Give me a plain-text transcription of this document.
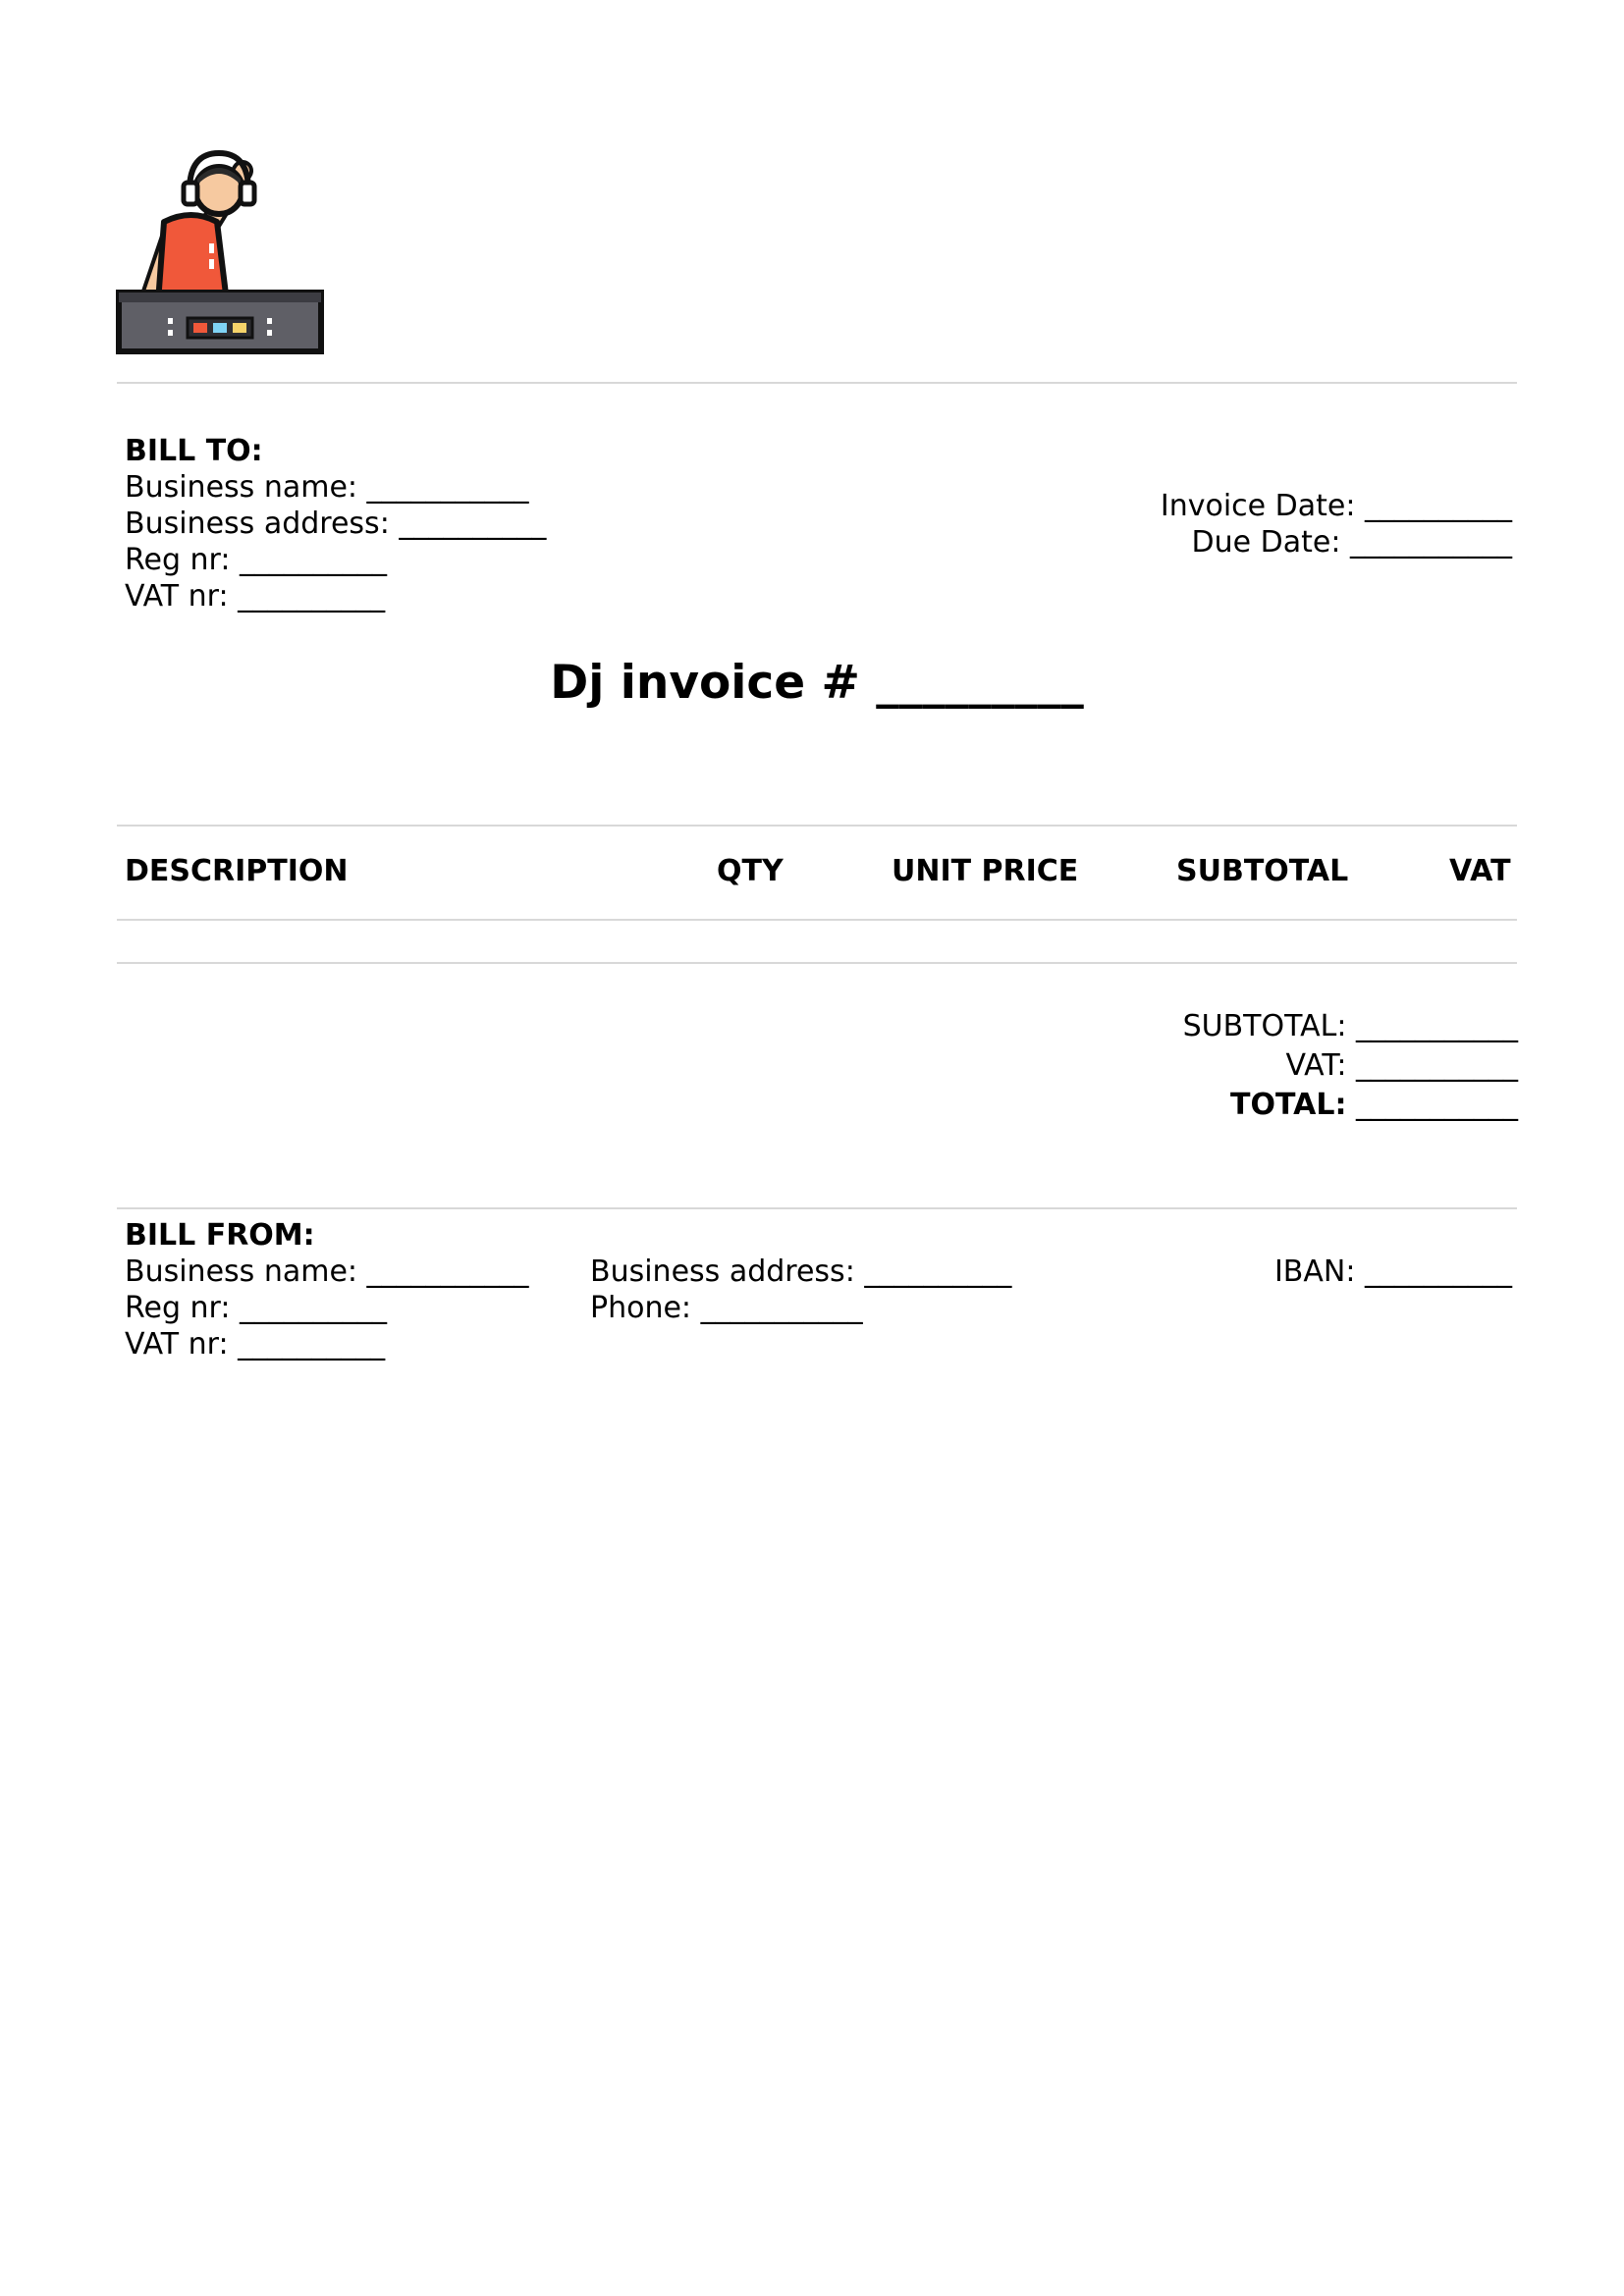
BILL TO:
Business name: ___________
Business address: __________
Reg nr: __________
VAT nr: __________
Invoice Date: __________
Due Date: ___________
Dj invoice # _________
DESCRIPTION	QTY	UNIT PRICE	SUBTOTAL	VAT
SUBTOTAL: ___________
VAT: ___________
TOTAL: ___________
BILL FROM:
Business name: ___________
Reg nr: __________
VAT nr: __________
Business address: __________
Phone: ___________
IBAN: __________
